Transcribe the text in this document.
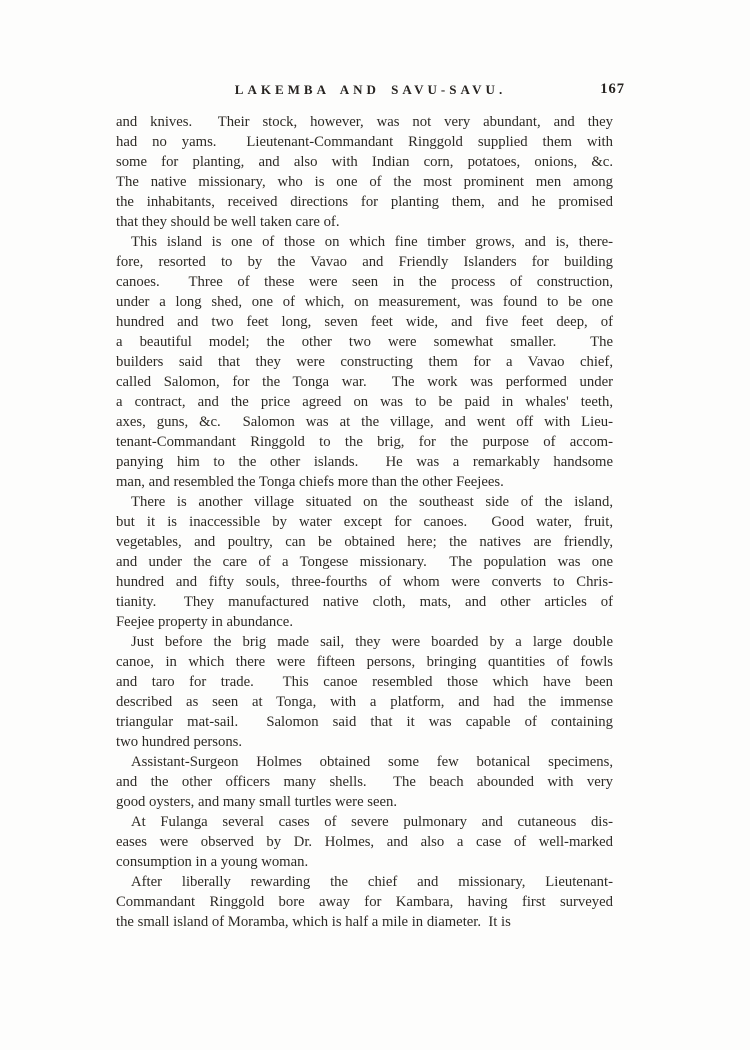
LAKEMBA AND SAVU-SAVU.	167

and knives.  Their stock, however, was not very abundant, and they
had no yams.  Lieutenant-Commandant Ringgold supplied them with
some for planting, and also with Indian corn, potatoes, onions, &c.
The native missionary, who is one of the most prominent men among
the inhabitants, received directions for planting them, and he promised
that they should be well taken care of.

This island is one of those on which fine timber grows, and is, there-
fore, resorted to by the Vavao and Friendly Islanders for building
canoes.  Three of these were seen in the process of construction,
under a long shed, one of which, on measurement, was found to be one
hundred and two feet long, seven feet wide, and five feet deep, of
a beautiful model; the other two were somewhat smaller.  The
builders said that they were constructing them for a Vavao chief,
called Salomon, for the Tonga war.  The work was performed under
a contract, and the price agreed on was to be paid in whales' teeth,
axes, guns, &c.  Salomon was at the village, and went off with Lieu-
tenant-Commandant Ringgold to the brig, for the purpose of accom-
panying him to the other islands.  He was a remarkably handsome
man, and resembled the Tonga chiefs more than the other Feejees.

There is another village situated on the southeast side of the island,
but it is inaccessible by water except for canoes.  Good water, fruit,
vegetables, and poultry, can be obtained here; the natives are friendly,
and under the care of a Tongese missionary.  The population was one
hundred and fifty souls, three-fourths of whom were converts to Chris-
tianity.  They manufactured native cloth, mats, and other articles of
Feejee property in abundance.

Just before the brig made sail, they were boarded by a large double
canoe, in which there were fifteen persons, bringing quantities of fowls
and taro for trade.  This canoe resembled those which have been
described as seen at Tonga, with a platform, and had the immense
triangular mat-sail.  Salomon said that it was capable of containing
two hundred persons.

Assistant-Surgeon Holmes obtained some few botanical specimens,
and the other officers many shells.  The beach abounded with very
good oysters, and many small turtles were seen.

At Fulanga several cases of severe pulmonary and cutaneous dis-
eases were observed by Dr. Holmes, and also a case of well-marked
consumption in a young woman.

After liberally rewarding the chief and missionary, Lieutenant-
Commandant Ringgold bore away for Kambara, having first surveyed
the small island of Moramba, which is half a mile in diameter.  It is
